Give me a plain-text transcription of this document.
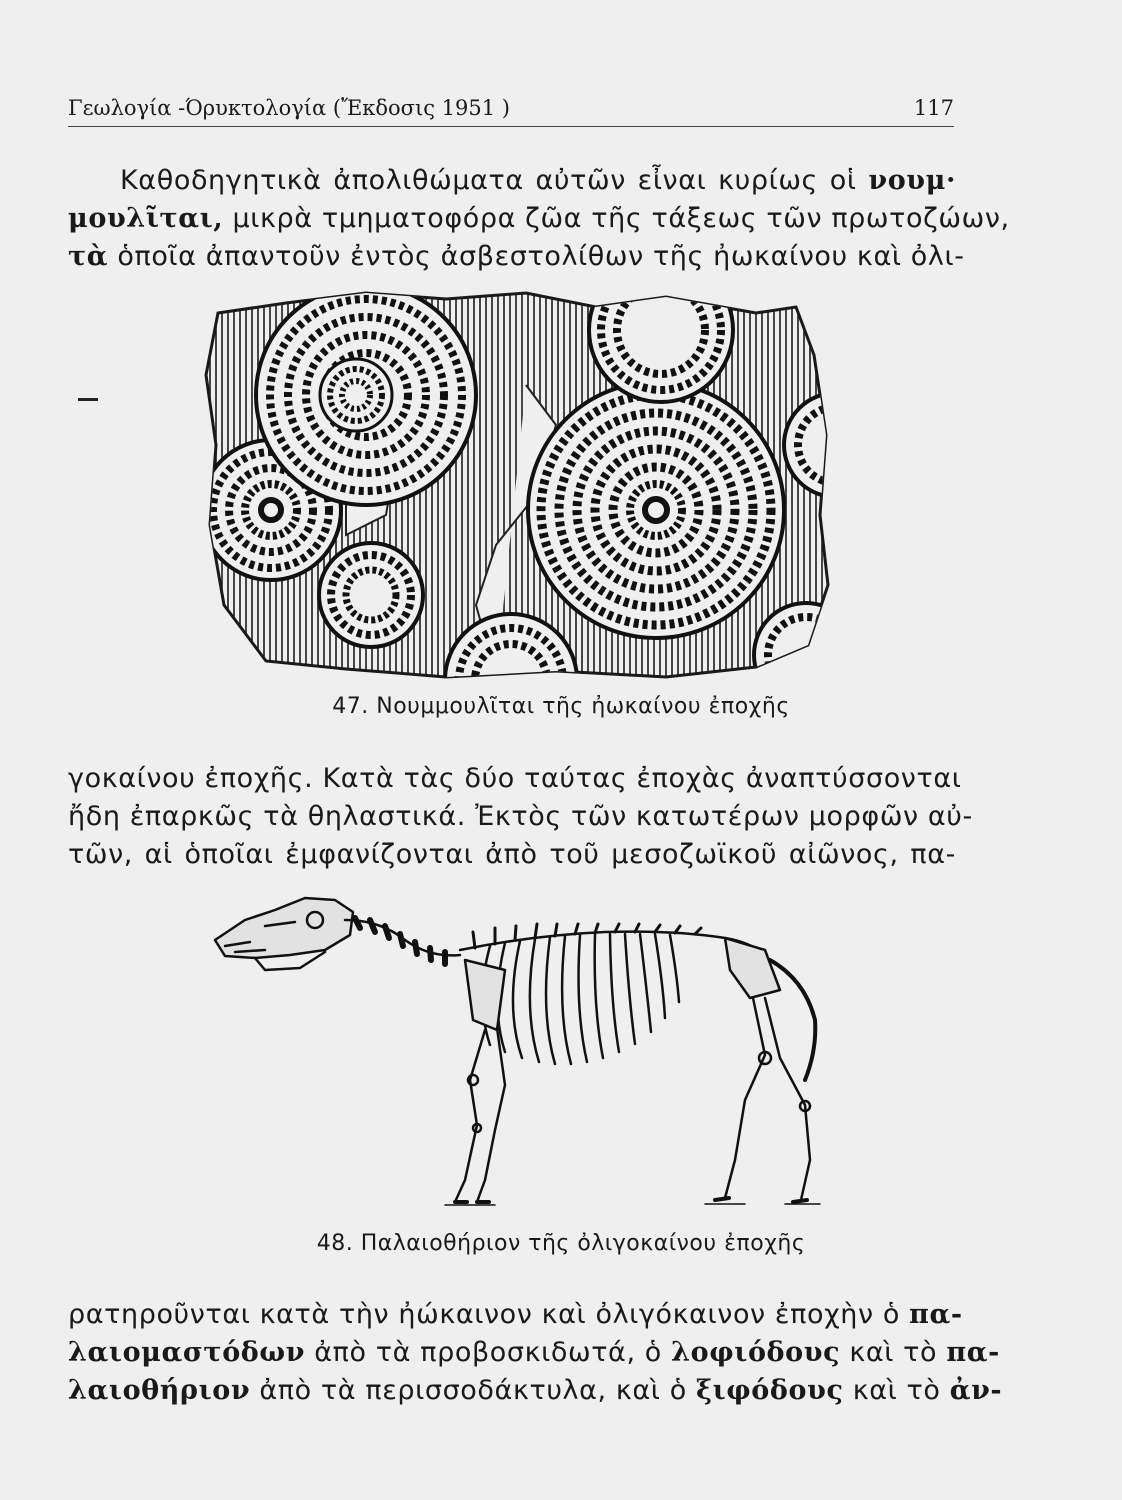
Γεωλογία -Όρυκτολογία (Ἔκδοσις 1951 )	117
Καθοδηγητικὰ ἀπολιθώματα αὐτῶν εἶναι κυρίως οἱ νουμ·
μουλῖται, μικρὰ τμηματοφόρα ζῶα τῆς τάξεως τῶν πρωτοζώων,
τὰ ὁποῖα ἀπαντοῦν ἐντὸς ἀσβεστολίθων τῆς ἠωκαίνου καὶ ὀλι-
47. Νουμμουλῖται τῆς ἠωκαίνου ἐποχῆς
γοκαίνου ἐποχῆς. Κατὰ τὰς δύο ταύτας ἐποχὰς ἀναπτύσσονται
ἤδη ἐπαρκῶς τὰ θηλαστικά. Ἐκτὸς τῶν κατωτέρων μορφῶν αὐ-
τῶν, αἱ ὁποῖαι ἐμφανίζονται ἀπὸ τοῦ μεσοζωϊκοῦ αἰῶνος, πα-
48. Παλαιοθήριον τῆς ὀλιγοκαίνου ἐποχῆς
ρατηροῦνται κατὰ τὴν ἠώκαινον καὶ ὀλιγόκαινον ἐποχὴν ὁ πα-
λαιομαστόδων ἀπὸ τὰ προβοσκιδωτά, ὁ λοφιόδους καὶ τὸ πα-
λαιοθήριον ἀπὸ τὰ περισσοδάκτυλα, καὶ ὁ ξιφόδους καὶ τὸ ἀν-
